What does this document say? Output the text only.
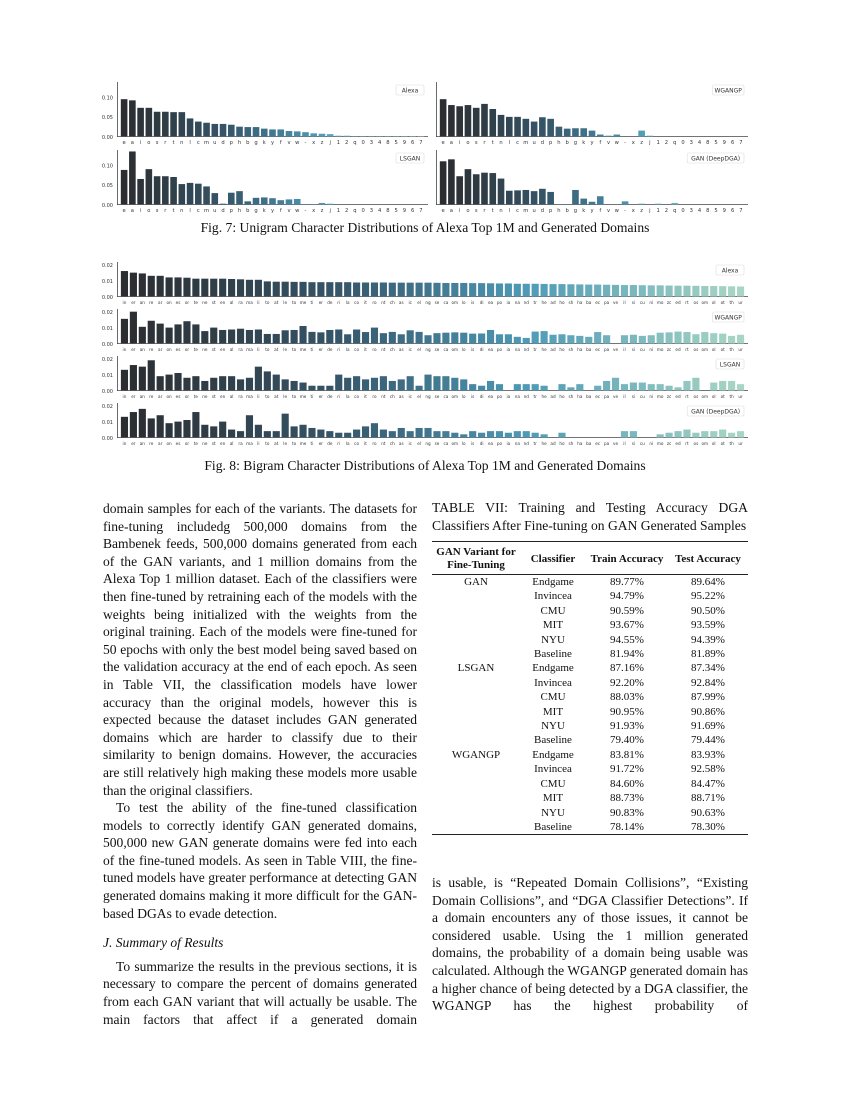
0.00
0.05
0.10
e a i o s r t n l c m u d p h b g k y f v w - x z j 1 2 q 0 3 4 8 5 9 6 7
Alexa
e a i o s r t n l c m u d p h b g k y f v w - x z j 1 2 q 0 3 4 8 5 9 6 7
WGANGP
0.00
0.05
0.10
e a i o s r t n l c m u d p h b g k y f v w - x z j 1 2 q 0 3 4 8 5 9 6 7
LSGAN
e a i o s r t n l c m u d p h b g k y f v w - x z j 1 2 q 0 3 4 8 5 9 6 7
GAN (DeepDGA)
Fig. 7: Unigram Character Distributions of Alexa Top 1M and Generated Domains
0.00
0.01
0.02
in er an re ar on es or te ne st en al ra ma li to at le to me ti er de ri la co it ro nt ch as ic el ng se ca om lo is di ea po ia na nd tr he ad ho sh ha ba ec pa ve il si cu ni mo zc ed rt os om ol ot th ur
Alexa
0.00
0.01
0.02
in er an re ar on es or te ne st en al ra ma li to at le to me ti er de ri la co it ro nt ch as ic el ng se ca om lo is di ea po ia na nd tr he ad ho sh ha ba ec pa ve il si cu ni mo zc ed rt os om ol ot th ur
WGANGP
0.00
0.01
0.02
in er an re ar on es or te ne st en al ra ma li to at le to me ti er de ri la co it ro nt ch as ic el ng se ca om lo is di ea po ia na nd tr he ad ho sh ha ba ec pa ve il si cu ni mo zc ed rt os om ol ot th ur
LSGAN
0.00
0.01
0.02
in er an re ar on es or te ne st en al ra ma li to at le to me ti er de ri la co it ro nt ch as ic el ng se ca om lo is di ea po ia na nd tr he ad ho sh ha ba ec pa ve il si cu ni mo zc ed rt os om ol ot th ur
GAN (DeepDGA)
Fig. 8: Bigram Character Distributions of Alexa Top 1M and Generated Domains

domain samples for each of the variants. The datasets for fine-tuning includedg 500,000 domains from the Bambenek feeds, 500,000 domains generated from each of the GAN variants, and 1 million domains from the Alexa Top 1 million dataset. Each of the classifiers were then fine-tuned by retraining each of the models with the weights being initialized with the weights from the original training. Each of the models were fine-tuned for 50 epochs with only the best model being saved based on the validation accuracy at the end of each epoch. As seen in Table VII, the classification models have lower accuracy than the original models, however this is expected because the dataset includes GAN generated domains which are harder to classify due to their similarity to benign domains. However, the accuracies are still relatively high making these models more usable than the original classifiers.

To test the ability of the fine-tuned classification models to correctly identify GAN generated domains, 500,000 new GAN generate domains were fed into each of the fine-tuned models. As seen in Table VIII, the fine-tuned models have greater performance at detecting GAN generated domains making it more difficult for the GAN-based DGAs to evade detection.

J. Summary of Results

To summarize the results in the previous sections, it is necessary to compare the percent of domains generated from each GAN variant that will actually be usable. The main factors that affect if a generated domain

TABLE VII: Training and Testing Accuracy DGA Classifiers After Fine-tuning on GAN Generated Samples
GAN Variant for Fine-Tuning	Classifier	Train Accuracy	Test Accuracy
GAN	Endgame	89.77%	89.64%
	Invincea	94.79%	95.22%
	CMU	90.59%	90.50%
	MIT	93.67%	93.59%
	NYU	94.55%	94.39%
	Baseline	81.94%	81.89%
LSGAN	Endgame	87.16%	87.34%
	Invincea	92.20%	92.84%
	CMU	88.03%	87.99%
	MIT	90.95%	90.86%
	NYU	91.93%	91.69%
	Baseline	79.40%	79.44%
WGANGP	Endgame	83.81%	83.93%
	Invincea	91.72%	92.58%
	CMU	84.60%	84.47%
	MIT	88.73%	88.71%
	NYU	90.83%	90.63%
	Baseline	78.14%	78.30%

is usable, is “Repeated Domain Collisions”, “Existing Domain Collisions”, and “DGA Classifier Detections”. If a domain encounters any of those issues, it cannot be considered usable. Using the 1 million generated domains, the probability of a domain being usable was calculated. Although the WGANGP generated domain has a higher chance of being detected by a DGA classifier, the WGANGP has the highest probability of
